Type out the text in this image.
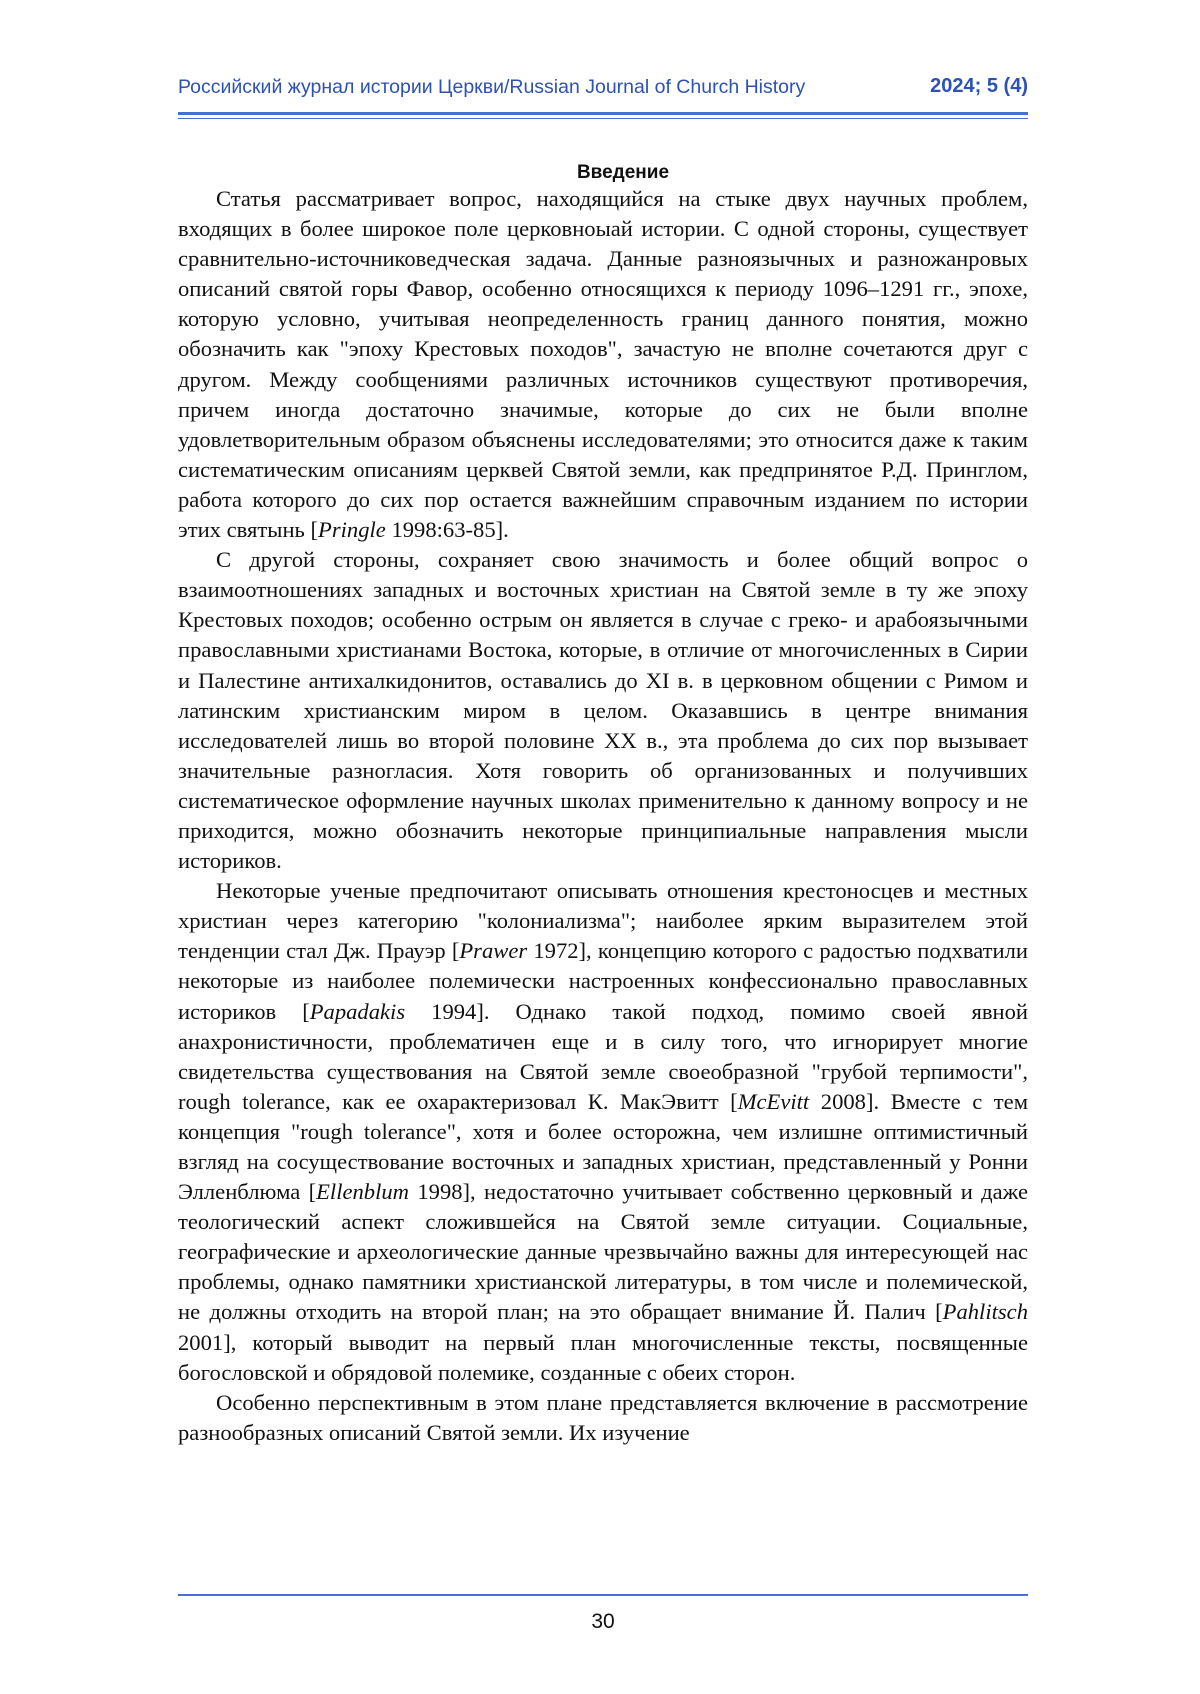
Российский журнал истории Церкви/Russian Journal of Church History	2024; 5 (4)
Введение

Статья рассматривает вопрос, находящийся на стыке двух научных проблем, входящих в более широкое поле церковноыай истории. С одной стороны, существует сравнительно-источниковедческая задача. Данные разноязычных и разножанровых описаний святой горы Фавор, особенно относящихся к периоду 1096–1291 гг., эпохе, которую условно, учитывая неопределенность границ данного понятия, можно обозначить как "эпоху Крестовых походов", зачастую не вполне сочетаются друг с другом. Между сообщениями различных источников существуют противоречия, причем иногда достаточно значимые, которые до сих не были вполне удовлетворительным образом объяснены исследователями; это относится даже к таким систематическим описаниям церквей Святой земли, как предпринятое Р.Д. Принглом, работа которого до сих пор остается важнейшим справочным изданием по истории этих святынь [Pringle 1998:63-85].

С другой стороны, сохраняет свою значимость и более общий вопрос о взаимоотношениях западных и восточных христиан на Святой земле в ту же эпоху Крестовых походов; особенно острым он является в случае с греко- и арабоязычными православными христианами Востока, которые, в отличие от многочисленных в Сирии и Палестине антихалкидонитов, оставались до XI в. в церковном общении с Римом и латинским христианским миром в целом. Оказавшись в центре внимания исследователей лишь во второй половине XX в., эта проблема до сих пор вызывает значительные разногласия. Хотя говорить об организованных и получивших систематическое оформление научных школах применительно к данному вопросу и не приходится, можно обозначить некоторые принципиальные направления мысли историков.

Некоторые ученые предпочитают описывать отношения крестоносцев и местных христиан через категорию "колониализма"; наиболее ярким выразителем этой тенденции стал Дж. Прауэр [Prawer 1972], концепцию которого с радостью подхватили некоторые из наиболее полемически настроенных конфессионально православных историков [Papadakis 1994]. Однако такой подход, помимо своей явной анахронистичности, проблематичен еще и в силу того, что игнорирует многие свидетельства существования на Святой земле своеобразной "грубой терпимости", rough tolerance, как ее охарактеризовал К. МакЭвитт [McEvitt 2008]. Вместе с тем концепция "rough tolerance", хотя и более осторожна, чем излишне оптимистичный взгляд на сосуществование восточных и западных христиан, представленный у Ронни Элленблюма [Ellenblum 1998], недостаточно учитывает собственно церковный и даже теологический аспект сложившейся на Святой земле ситуации. Социальные, географические и археологические данные чрезвычайно важны для интересующей нас проблемы, однако памятники христианской литературы, в том числе и полемической, не должны отходить на второй план; на это обращает внимание Й. Палич [Pahlitsch 2001], который выводит на первый план многочисленные тексты, посвященные богословской и обрядовой полемике, созданные с обеих сторон.

Особенно перспективным в этом плане представляется включение в рассмотрение разнообразных описаний Святой земли. Их изучение

30
